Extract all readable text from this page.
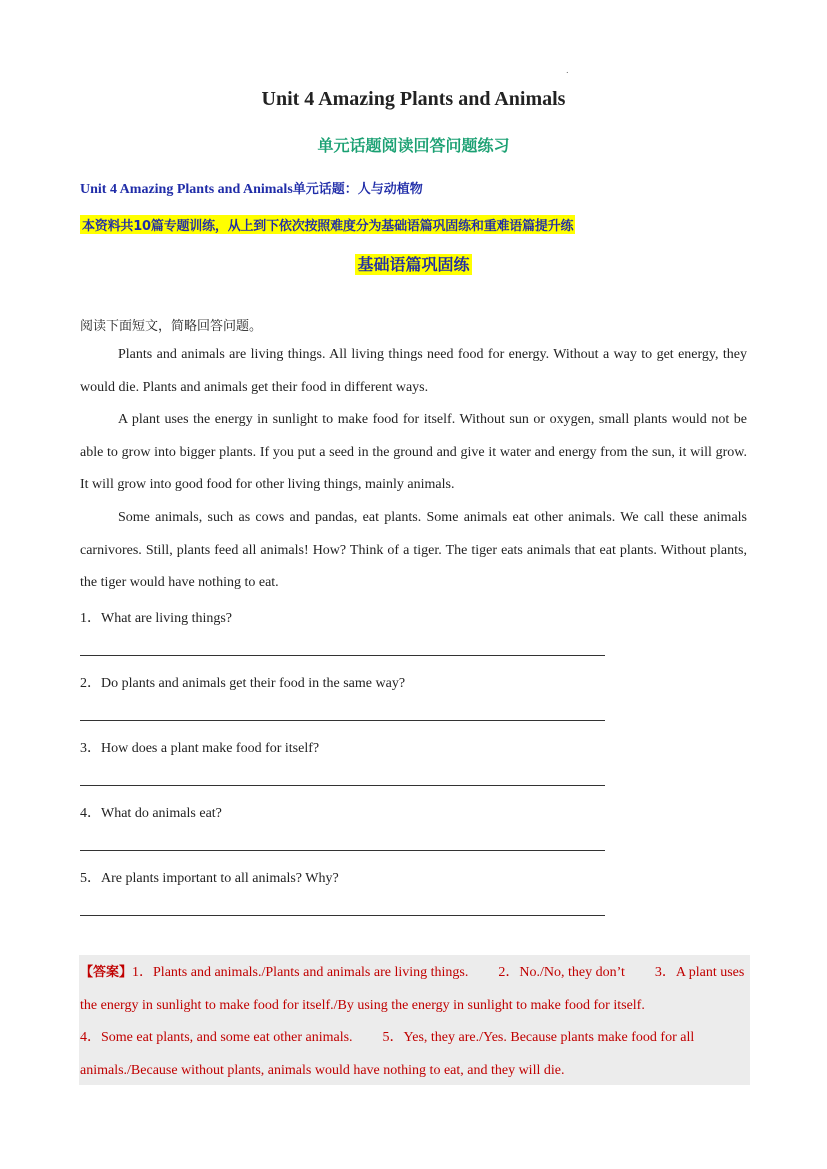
.
Unit 4 Amazing Plants and Animals
单元话题阅读回答问题练习
Unit 4 Amazing Plants and Animals单元话题：人与动植物
本资料共10篇专题训练，从上到下依次按照难度分为基础语篇巩固练和重难语篇提升练
基础语篇巩固练
阅读下面短文，简略回答问题。

Plants and animals are living things. All living things need food for energy. Without a way to get energy, they would die. Plants and animals get their food in different ways.

A plant uses the energy in sunlight to make food for itself. Without sun or oxygen, small plants would not be able to grow into bigger plants. If you put a seed in the ground and give it water and energy from the sun, it will grow. It will grow into good food for other living things, mainly animals.

Some animals, such as cows and pandas, eat plants. Some animals eat other animals. We call these animals carnivores. Still, plants feed all animals! How? Think of a tiger. The tiger eats animals that eat plants. Without plants, the tiger would have nothing to eat.

1．What are living things?
2．Do plants and animals get their food in the same way?
3．How does a plant make food for itself?
4．What do animals eat?
5．Are plants important to all animals? Why?
【答案】1．Plants and animals./Plants and animals are living things. 2．No./No, they don’t 3．A plant uses the energy in sunlight to make food for itself./By using the energy in sunlight to make food for itself.
4．Some eat plants, and some eat other animals. 5．Yes, they are./Yes. Because plants make food for all animals./Because without plants, animals would have nothing to eat, and they will die.
